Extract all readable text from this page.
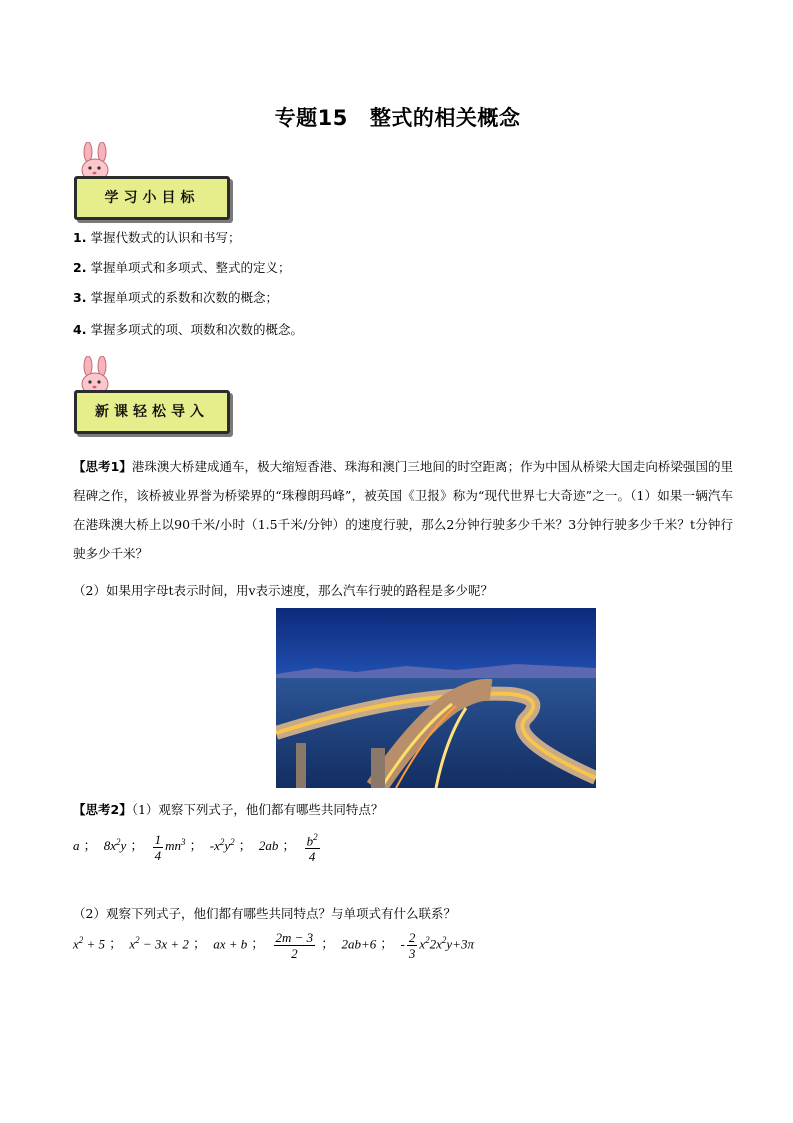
专题15 整式的相关概念
学习小目标
1. 掌握代数式的认识和书写；
2. 掌握单项式和多项式、整式的定义；
3. 掌握单项式的系数和次数的概念；
4. 掌握多项式的项、项数和次数的概念。
新课轻松导入
【思考1】港珠澳大桥建成通车，极大缩短香港、珠海和澳门三地间的时空距离；作为中国从桥梁大国走向桥梁强国的里程碑之作，该桥被业界誉为桥梁界的“珠穆朗玛峰”，被英国《卫报》称为“现代世界七大奇迹”之一。（1）如果一辆汽车在港珠澳大桥上以90千米/小时（1.5千米/分钟）的速度行驶，那么2分钟行驶多少千米？3分钟行驶多少千米？t分钟行驶多少千米？
（2）如果用字母t表示时间，用v表示速度，那么汽车行驶的路程是多少呢？
【思考2】（1）观察下列式子，他们都有哪些共同特点？
a ； $8x^2y$ ； $\frac{1}{4} mn^3$ ； $-x^2y^2$ ； 2ab ； $\frac{b^2}{4}$
（2）观察下列式子，他们都有哪些共同特点？与单项式有什么联系？
$x^2 + 5$ ； $x^2 - 3x + 2$ ； ax + b ； $\frac{2m - 3}{2}$ ； 2ab+6 ； - $\frac{2}{3} x^22x^2y+3\pi$
